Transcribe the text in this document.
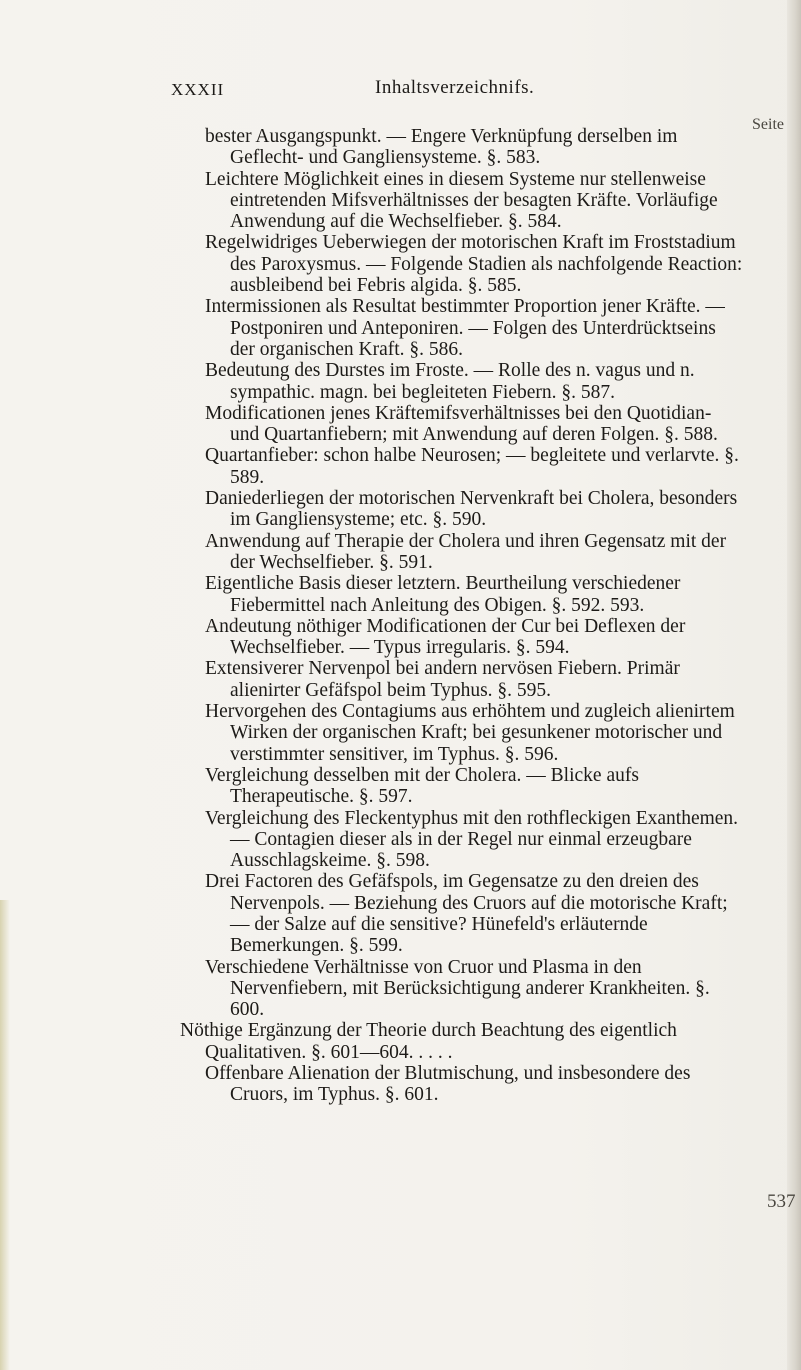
XXXII	Inhaltsverzeichnifs.
Seite
bester Ausgangspunkt. — Engere Verknüpfung derselben im Geflecht- und Gangliensysteme. §. 583.
Leichtere Möglichkeit eines in diesem Systeme nur stellenweise eintretenden Mifsverhältnisses der besagten Kräfte. Vorläufige Anwendung auf die Wechselfieber. §. 584.
Regelwidriges Ueberwiegen der motorischen Kraft im Froststadium des Paroxysmus. — Folgende Stadien als nachfolgende Reaction: ausbleibend bei Febris algida. §. 585.
Intermissionen als Resultat bestimmter Proportion jener Kräfte. — Postponiren und Anteponiren. — Folgen des Unterdrücktseins der organischen Kraft. §. 586.
Bedeutung des Durstes im Froste. — Rolle des n. vagus und n. sympathic. magn. bei begleiteten Fiebern. §. 587.
Modificationen jenes Kräftemifsverhältnisses bei den Quotidian- und Quartanfiebern; mit Anwendung auf deren Folgen. §. 588.
Quartanfieber: schon halbe Neurosen; — begleitete und verlarvte. §. 589.
Daniederliegen der motorischen Nervenkraft bei Cholera, besonders im Gangliensysteme; etc. §. 590.
Anwendung auf Therapie der Cholera und ihren Gegensatz mit der der Wechselfieber. §. 591.
Eigentliche Basis dieser letztern. Beurtheilung verschiedener Fiebermittel nach Anleitung des Obigen. §. 592. 593.
Andeutung nöthiger Modificationen der Cur bei Deflexen der Wechselfieber. — Typus irregularis. §. 594.
Extensiverer Nervenpol bei andern nervösen Fiebern. Primär alienirter Gefäfspol beim Typhus. §. 595.
Hervorgehen des Contagiums aus erhöhtem und zugleich alienirtem Wirken der organischen Kraft; bei gesunkener motorischer und verstimmter sensitiver, im Typhus. §. 596.
Vergleichung desselben mit der Cholera. — Blicke aufs Therapeutische. §. 597.
Vergleichung des Fleckentyphus mit den rothfleckigen Exanthemen. — Contagien dieser als in der Regel nur einmal erzeugbare Ausschlagskeime. §. 598.
Drei Factoren des Gefäfspols, im Gegensatze zu den dreien des Nervenpols. — Beziehung des Cruors auf die motorische Kraft; — der Salze auf die sensitive? Hünefeld's erläuternde Bemerkungen. §. 599.
Verschiedene Verhältnisse von Cruor und Plasma in den Nervenfiebern, mit Berücksichtigung anderer Krankheiten. §. 600.
Nöthige Ergänzung der Theorie durch Beachtung des eigentlich Qualitativen. §. 601—604. . . . .
Offenbare Alienation der Blutmischung, und insbesondere des Cruors, im Typhus. §. 601.
537
